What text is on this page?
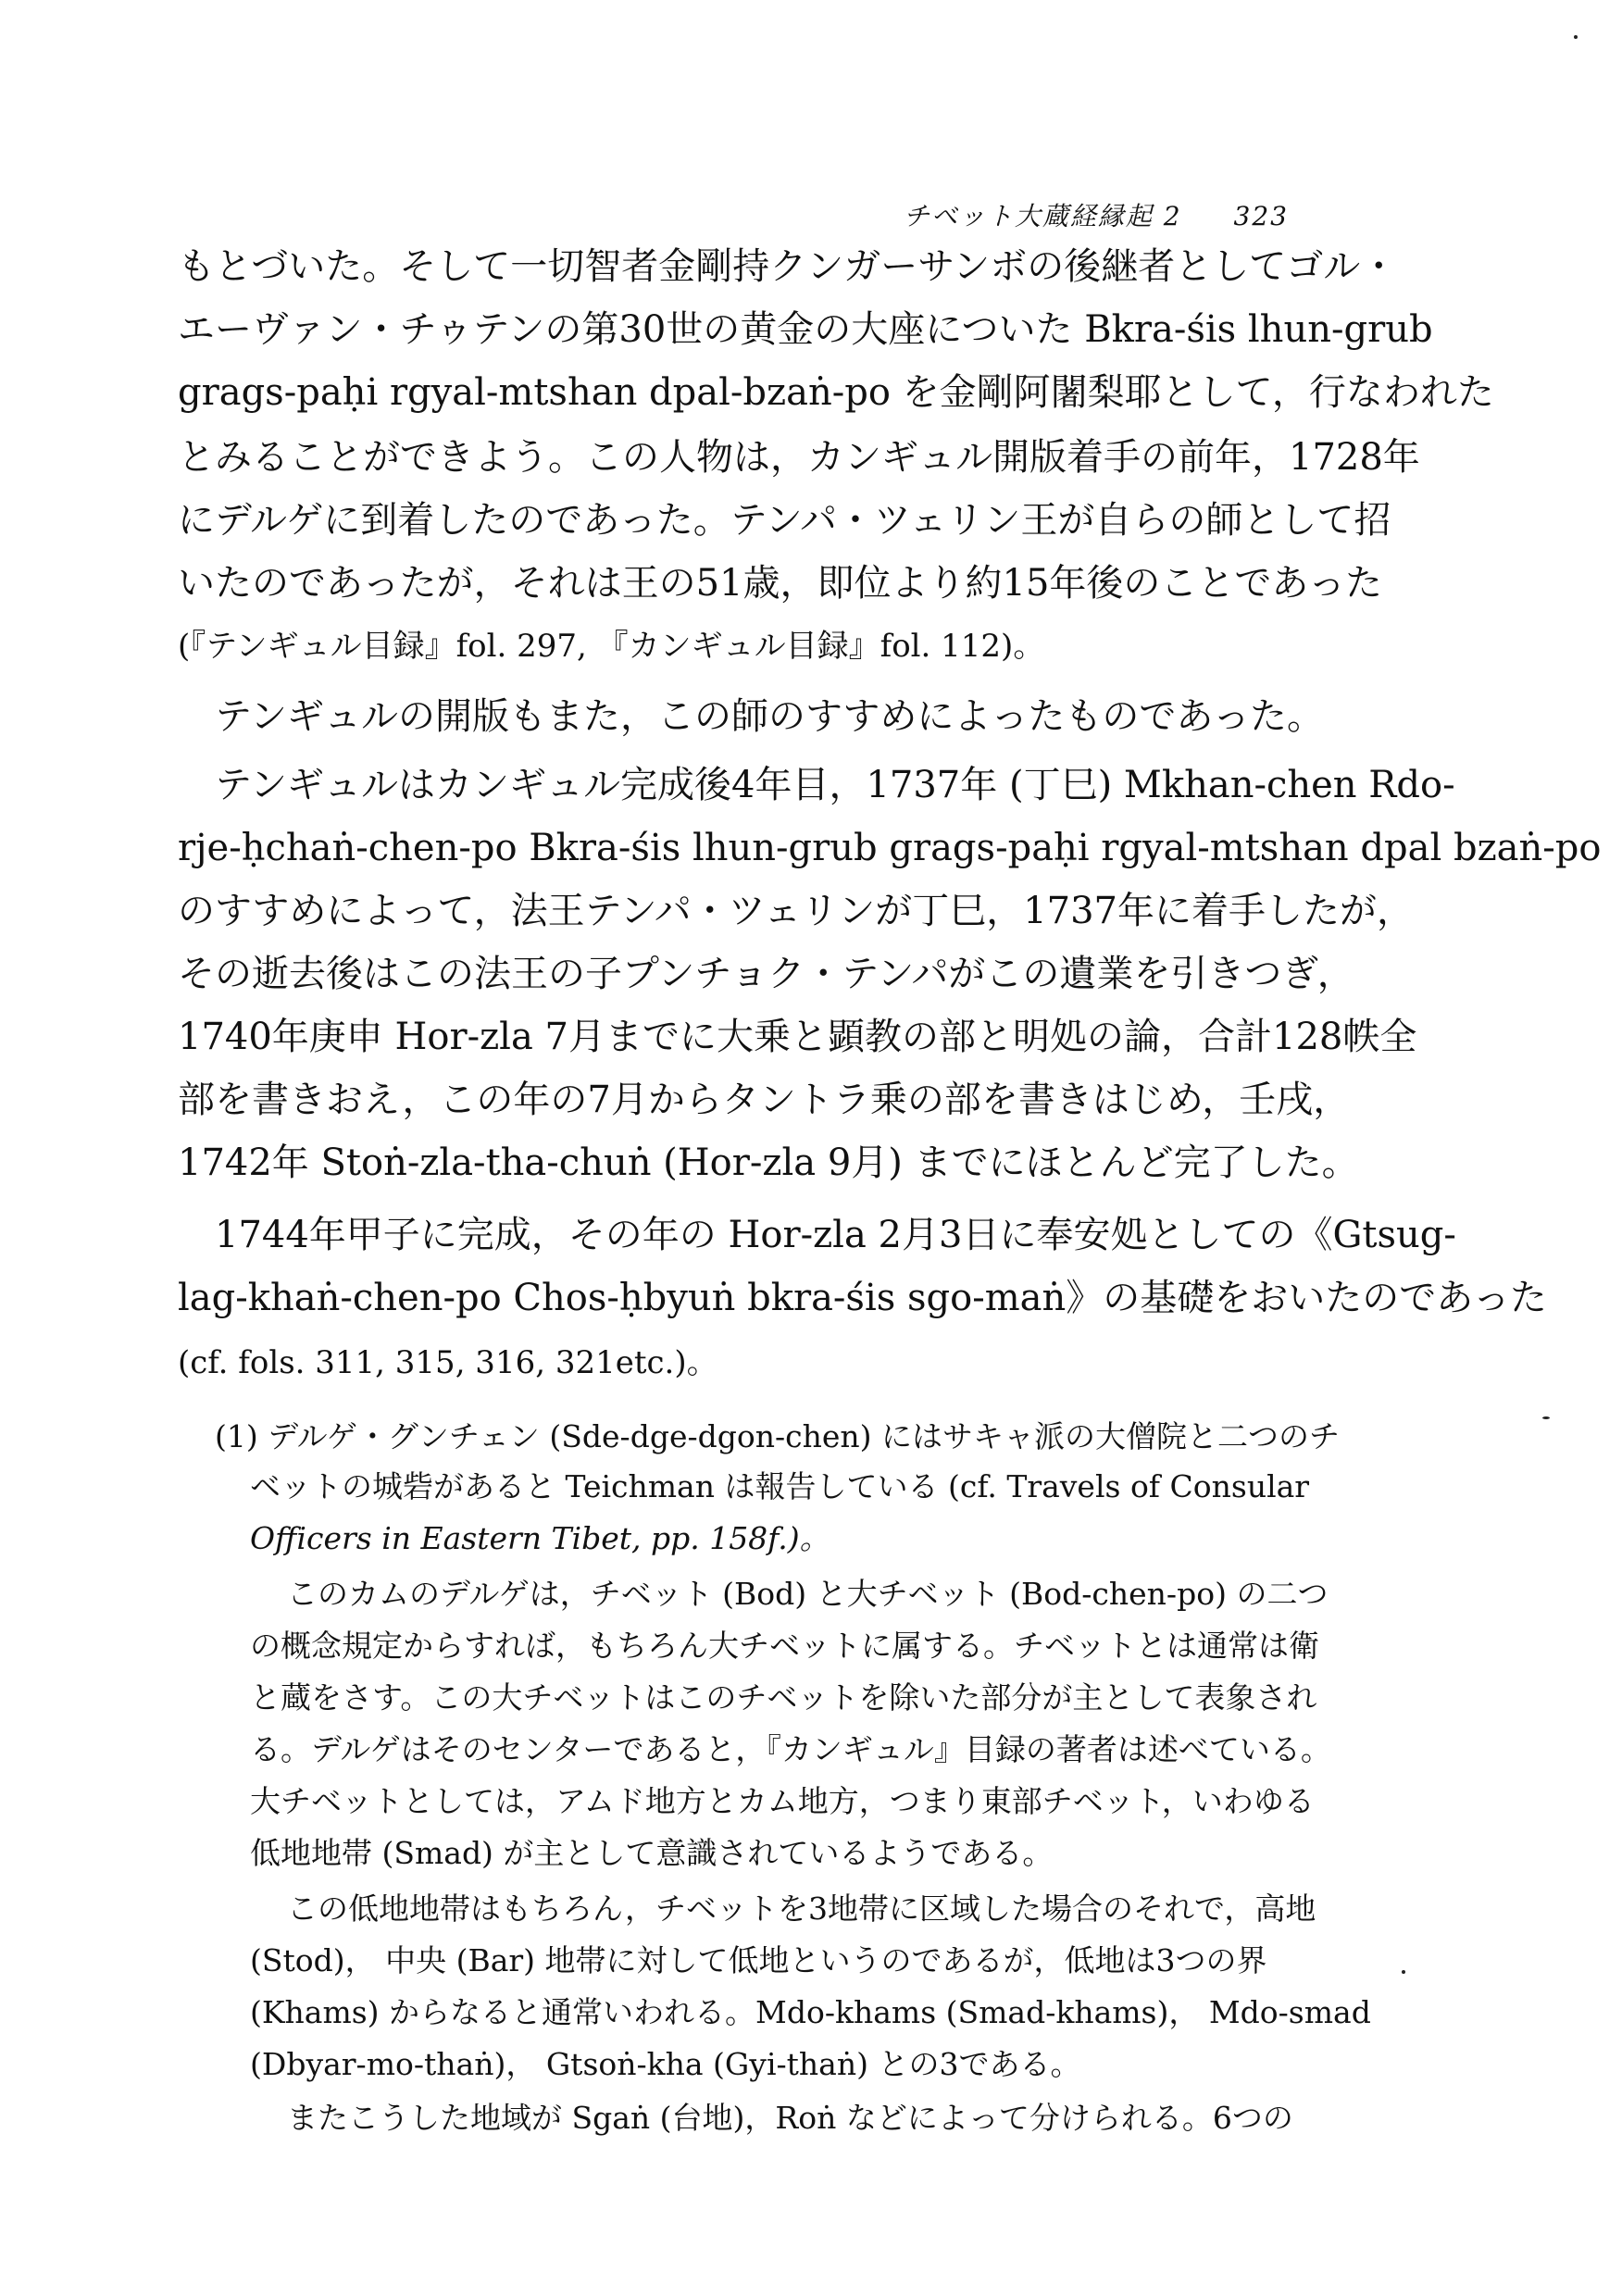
チベット大蔵経縁起 2 323
もとづいた。そして一切智者金剛持クンガーサンボの後継者としてゴル・
エーヴァン・チゥテンの第30世の黄金の大座についた Bkra-śis lhun-grub
grags-paḥi rgyal-mtshan dpal-bzaṅ-po を金剛阿闍梨耶として，行なわれた
とみることができよう。この人物は，カンギュル開版着手の前年，1728年
にデルゲに到着したのであった。テンパ・ツェリン王が自らの師として招
いたのであったが，それは王の51歳，即位より約15年後のことであった
(『テンギュル目録』fol. 297, 『カンギュル目録』fol. 112)。
テンギュルの開版もまた，この師のすすめによったものであった。
テンギュルはカンギュル完成後4年目，1737年 (丁巳) Mkhan-chen Rdo-
rje-ḥchaṅ-chen-po Bkra-śis lhun-grub grags-paḥi rgyal-mtshan dpal bzaṅ-po
のすすめによって，法王テンパ・ツェリンが丁巳，1737年に着手したが，
その逝去後はこの法王の子プンチョク・テンパがこの遺業を引きつぎ，
1740年庚申 Hor-zla 7月までに大乗と顕教の部と明処の論，合計128帙全
部を書きおえ，この年の7月からタントラ乗の部を書きはじめ，壬戌，
1742年 Stoṅ-zla-tha-chuṅ (Hor-zla 9月) までにほとんど完了した。
1744年甲子に完成，その年の Hor-zla 2月3日に奉安処としての《Gtsug-
lag-khaṅ-chen-po Chos-ḥbyuṅ bkra-śis sgo-maṅ》の基礎をおいたのであった
(cf. fols. 311, 315, 316, 321etc.)。
(1) デルゲ・グンチェン (Sde-dge-dgon-chen) にはサキャ派の大僧院と二つのチ
ベットの城砦があると Teichman は報告している (cf. Travels of Consular
Officers in Eastern Tibet, pp. 158f.)。
このカムのデルゲは，チベット (Bod) と大チベット (Bod-chen-po) の二つ
の概念規定からすれば，もちろん大チベットに属する。チベットとは通常は衛
と蔵をさす。この大チベットはこのチベットを除いた部分が主として表象され
る。デルゲはそのセンターであると，『カンギュル』目録の著者は述べている。
大チベットとしては，アムド地方とカム地方，つまり東部チベット，いわゆる
低地地帯 (Smad) が主として意識されているようである。
この低地地帯はもちろん，チベットを3地帯に区域した場合のそれで，高地
(Stod)， 中央 (Bar) 地帯に対して低地というのであるが，低地は3つの界
(Khams) からなると通常いわれる。Mdo-khams (Smad-khams)， Mdo-smad
(Dbyar-mo-thaṅ)， Gtsoṅ-kha (Gyi-thaṅ) との3である。
またこうした地域が Sgaṅ (台地)，Roṅ などによって分けられる。6つの
